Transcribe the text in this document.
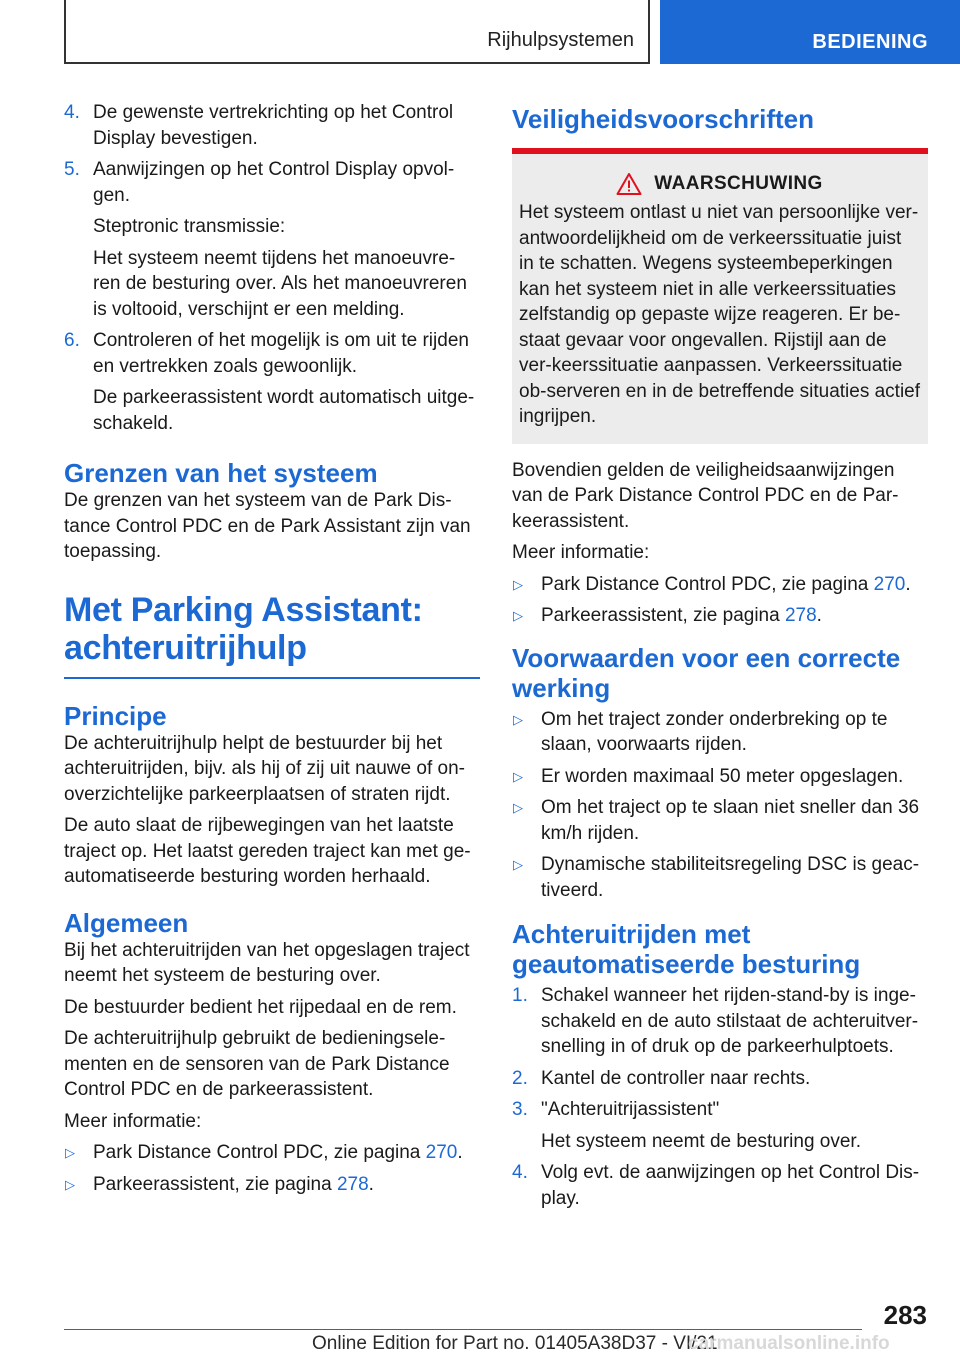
Rijhulpsystemen	BEDIENING
4. De gewenste vertrekrichting op het Control Display bevestigen.
5. Aanwijzingen op het Control Display opvol-gen.
Steptronic transmissie:
Het systeem neemt tijdens het manoeuvre-ren de besturing over. Als het manoeuvreren is voltooid, verschijnt er een melding.
6. Controleren of het mogelijk is om uit te rijden en vertrekken zoals gewoonlijk.
De parkeerassistent wordt automatisch uitge-schakeld.
Grenzen van het systeem

De grenzen van het systeem van de Park Dis-tance Control PDC en de Park Assistant zijn van toepassing.

Met Parking Assistant:
achteruitrijhulp
Principe

De achteruitrijhulp helpt de bestuurder bij het achteruitrijden, bijv. als hij of zij uit nauwe of on-overzichtelijke parkeerplaatsen of straten rijdt.

De auto slaat de rijbewegingen van het laatste traject op. Het laatst gereden traject kan met ge-automatiseerde besturing worden herhaald.

Algemeen

Bij het achteruitrijden van het opgeslagen traject neemt het systeem de besturing over.

De bestuurder bedient het rijpedaal en de rem.

De achteruitrijhulp gebruikt de bedieningsele-menten en de sensoren van de Park Distance Control PDC en de parkeerassistent.

Meer informatie:

▷ Park Distance Control PDC, zie pagina 270.
▷ Parkeerassistent, zie pagina 278.
Veiligheidsvoorschriften
WAARSCHUWING
Het systeem ontlast u niet van persoonlijke ver-antwoordelijkheid om de verkeerssituatie juist in te schatten. Wegens systeembeperkingen kan het systeem niet in alle verkeerssituaties zelfstandig op gepaste wijze reageren. Er be-staat gevaar voor ongevallen. Rijstijl aan de ver-keerssituatie aanpassen. Verkeerssituatie ob-serveren en in de betreffende situaties actief ingrijpen.

Bovendien gelden de veiligheidsaanwijzingen van de Park Distance Control PDC en de Par-keerassistent.

Meer informatie:

▷ Park Distance Control PDC, zie pagina 270.
▷ Parkeerassistent, zie pagina 278.
Voorwaarden voor een correcte
werking
▷ Om het traject zonder onderbreking op te slaan, voorwaarts rijden.
▷ Er worden maximaal 50 meter opgeslagen.
▷ Om het traject op te slaan niet sneller dan 36 km/h rijden.
▷ Dynamische stabiliteitsregeling DSC is geac-tiveerd.
Achteruitrijden met
geautomatiseerde besturing
1. Schakel wanneer het rijden-stand-by is inge-schakeld en de auto stilstaat de achteruitver-snelling in of druk op de parkeerhulptoets.
2. Kantel de controller naar rechts.
3. "Achteruitrijassistent"
Het systeem neemt de besturing over.
4. Volg evt. de aanwijzingen op het Control Dis-play.
283
Online Edition for Part no. 01405A38D37 - VI/21
carmanualsonline.info
